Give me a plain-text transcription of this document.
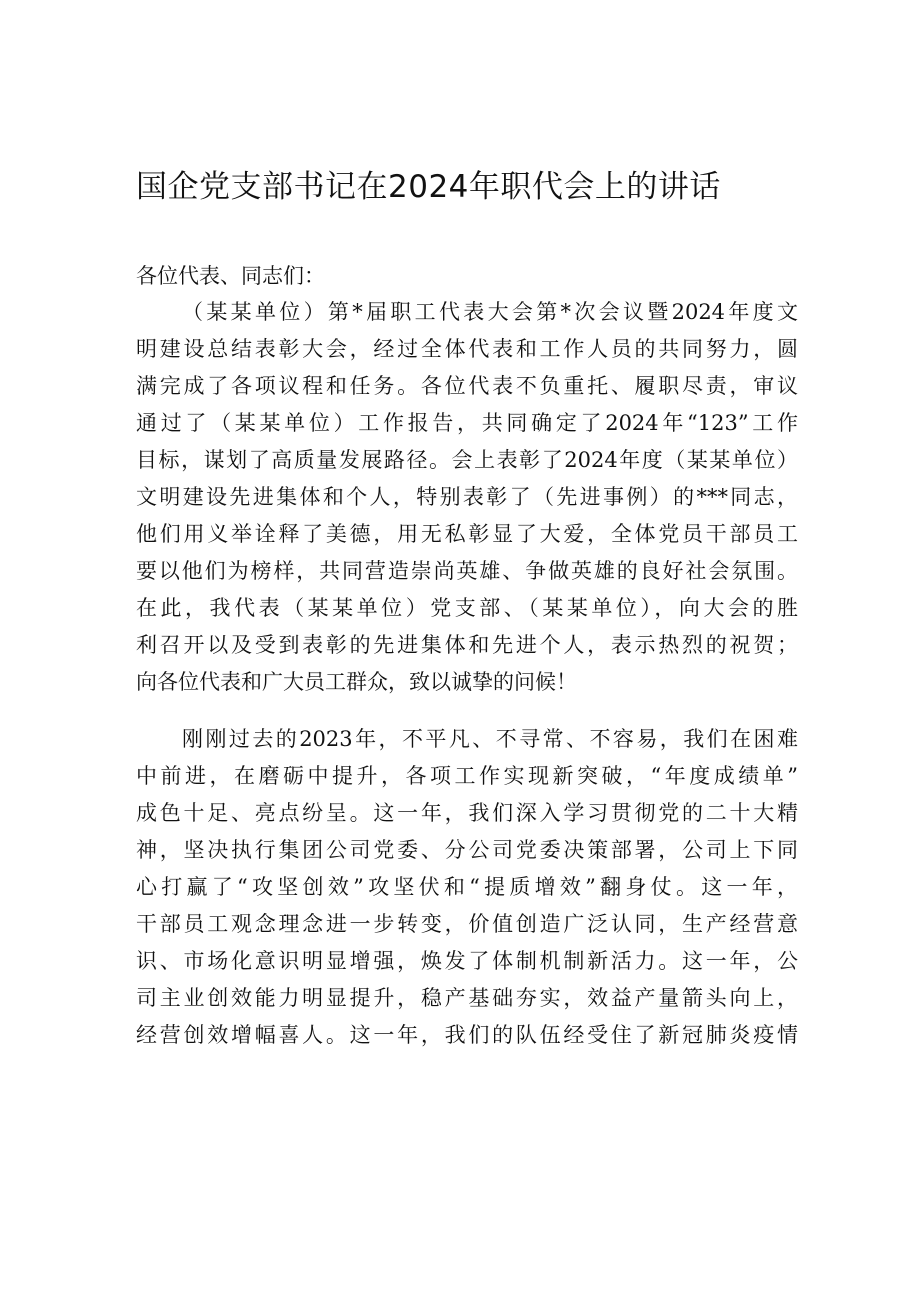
国企党支部书记在2024年职代会上的讲话

各位代表、同志们：

（某某单位）第*届职工代表大会第*次会议暨2024年度文

明建设总结表彰大会，经过全体代表和工作人员的共同努力，圆

满完成了各项议程和任务。各位代表不负重托、履职尽责，审议

通过了（某某单位）工作报告，共同确定了2024年“123”工作

目标，谋划了高质量发展路径。会上表彰了2024年度（某某单位）

文明建设先进集体和个人，特别表彰了（先进事例）的***同志，

他们用义举诠释了美德，用无私彰显了大爱，全体党员干部员工

要以他们为榜样，共同营造崇尚英雄、争做英雄的良好社会氛围。

在此，我代表（某某单位）党支部、（某某单位），向大会的胜

利召开以及受到表彰的先进集体和先进个人，表示热烈的祝贺；

向各位代表和广大员工群众，致以诚挚的问候！

刚刚过去的2023年，不平凡、不寻常、不容易，我们在困难

中前进，在磨砺中提升，各项工作实现新突破，“年度成绩单”

成色十足、亮点纷呈。这一年，我们深入学习贯彻党的二十大精

神，坚决执行集团公司党委、分公司党委决策部署，公司上下同

心打赢了“攻坚创效”攻坚伏和“提质增效”翻身仗。这一年，

干部员工观念理念进一步转变，价值创造广泛认同，生产经营意

识、市场化意识明显增强，焕发了体制机制新活力。这一年，公

司主业创效能力明显提升，稳产基础夯实，效益产量箭头向上，

经营创效增幅喜人。这一年，我们的队伍经受住了新冠肺炎疫情
